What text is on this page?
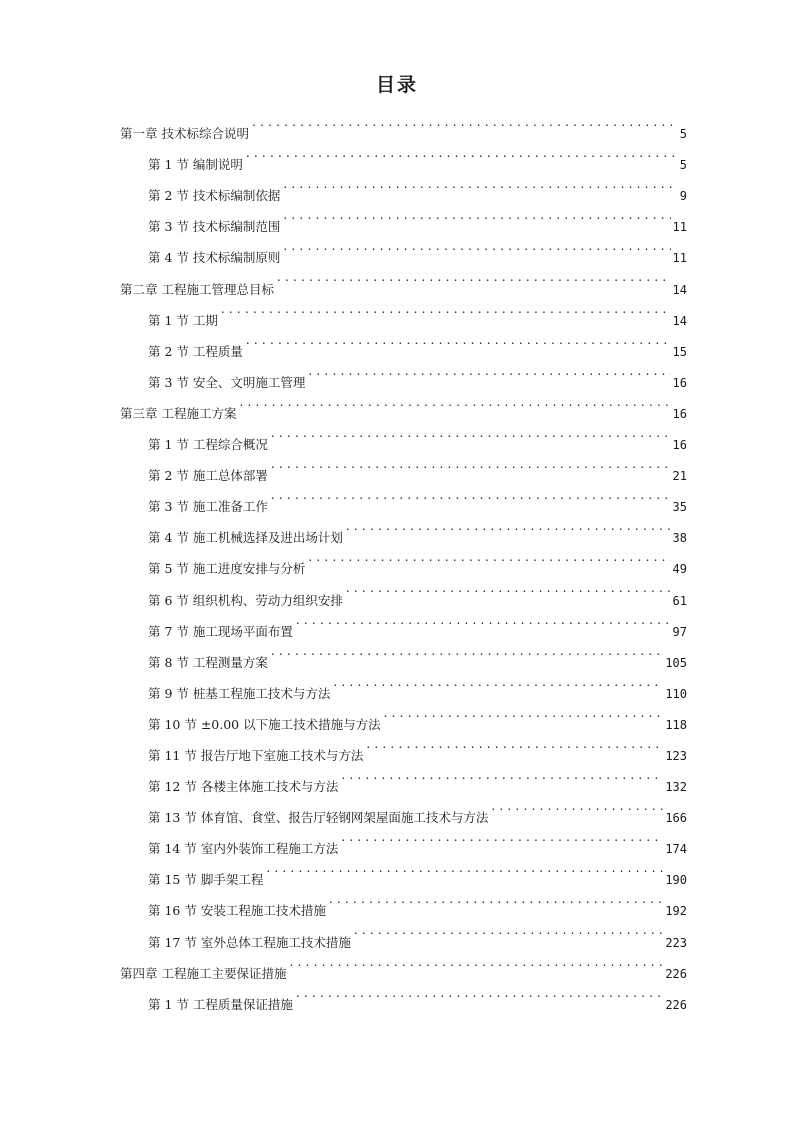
目录
第一章 技术标综合说明 . . .	5
第 1 节 编制说明 . . .	5
第 2 节 技术标编制依据 . . .	9
第 3 节 技术标编制范围 . . .	11
第 4 节 技术标编制原则 . . .	11
第二章 工程施工管理总目标 . . .	14
第 1 节 工期 . . .	14
第 2 节 工程质量 . . .	15
第 3 节 安全、文明施工管理 . . .	16
第三章 工程施工方案 . . .	16
第 1 节 工程综合概况 . . .	16
第 2 节 施工总体部署 . . .	21
第 3 节 施工准备工作 . . .	35
第 4 节 施工机械选择及进出场计划 . . .	38
第 5 节 施工进度安排与分析 . . .	49
第 6 节 组织机构、劳动力组织安排 . . .	61
第 7 节 施工现场平面布置 . . .	97
第 8 节 工程测量方案 . . .	105
第 9 节 桩基工程施工技术与方法 . . .	110
第 10 节 ±0.00 以下施工技术措施与方法 . . .	118
第 11 节 报告厅地下室施工技术与方法 . . .	123
第 12 节 各楼主体施工技术与方法 . . .	132
第 13 节 体育馆、食堂、报告厅轻钢网架屋面施工技术与方法 . . .	166
第 14 节 室内外装饰工程施工方法 . . .	174
第 15 节 脚手架工程 . . .	190
第 16 节 安装工程施工技术措施 . . .	192
第 17 节 室外总体工程施工技术措施 . . .	223
第四章 工程施工主要保证措施 . . .	226
第 1 节 工程质量保证措施 . . .	226
